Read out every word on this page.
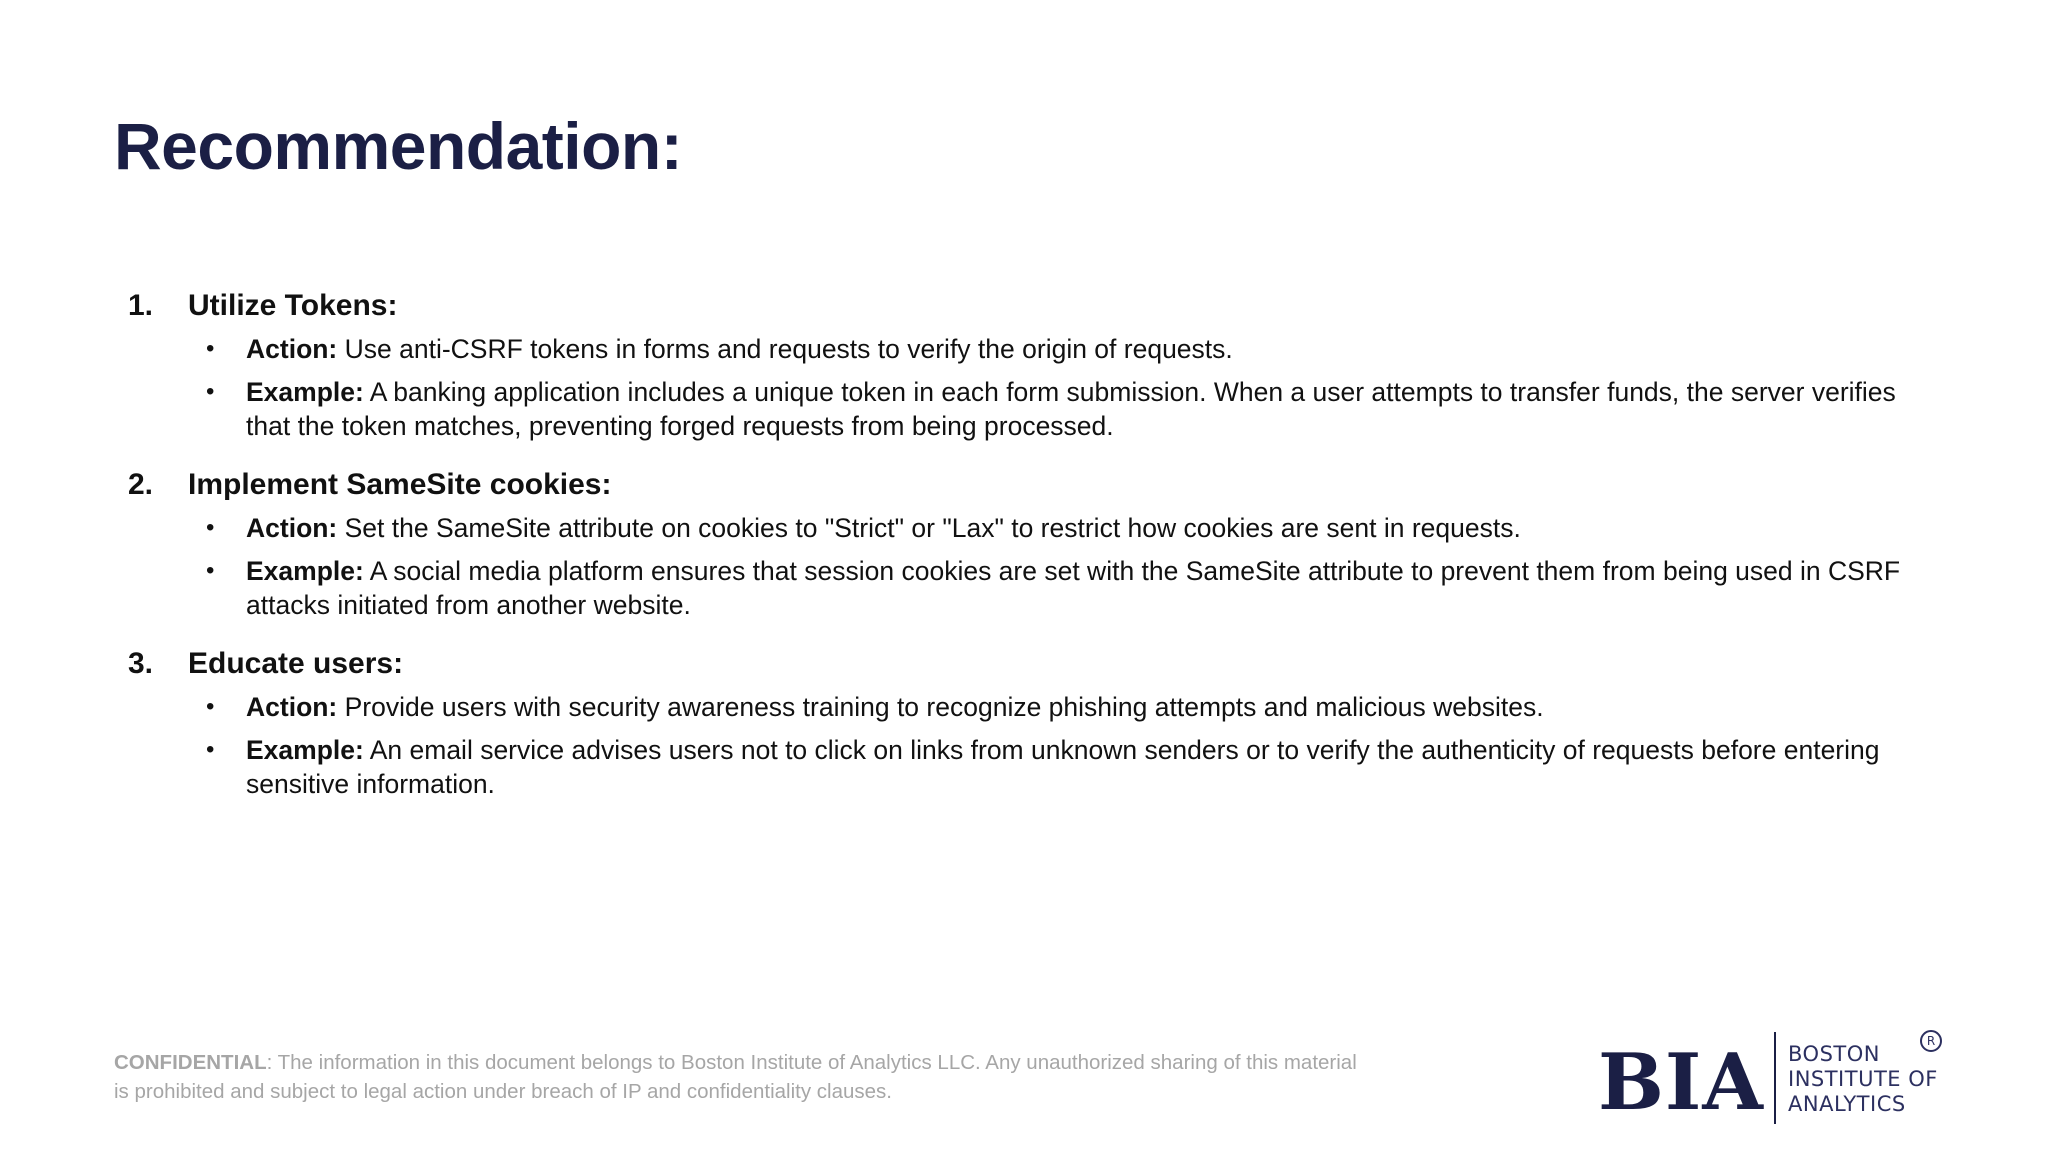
Recommendation:
1.	Utilize Tokens:
•	Action: Use anti-CSRF tokens in forms and requests to verify the origin of requests.
•	Example: A banking application includes a unique token in each form submission. When a user attempts to transfer funds, the server verifies that the token matches, preventing forged requests from being processed.
2.	Implement SameSite cookies:
•	Action: Set the SameSite attribute on cookies to "Strict" or "Lax" to restrict how cookies are sent in requests.
•	Example: A social media platform ensures that session cookies are set with the SameSite attribute to prevent them from being used in CSRF attacks initiated from another website.
3.	Educate users:
•	Action: Provide users with security awareness training to recognize phishing attempts and malicious websites.
•	Example: An email service advises users not to click on links from unknown senders or to verify the authenticity of requests before entering sensitive information.

CONFIDENTIAL: The information in this document belongs to Boston Institute of Analytics LLC. Any unauthorized sharing of this material is prohibited and subject to legal action under breach of IP and confidentiality clauses.	BIA BOSTON
INSTITUTE OF
ANALYTICS
R
